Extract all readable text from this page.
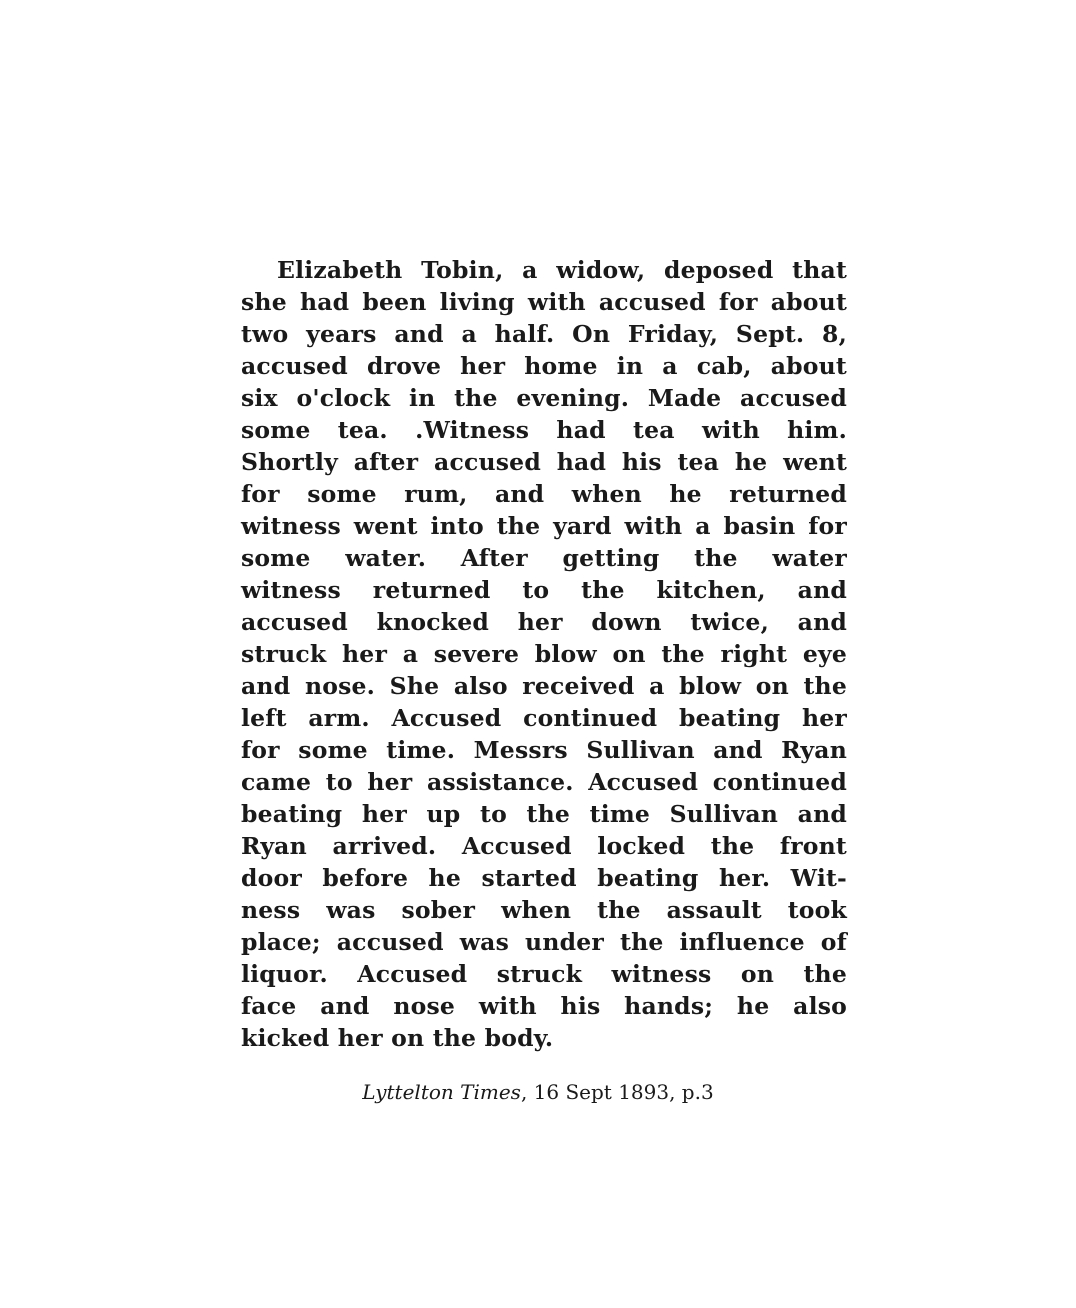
Elizabeth Tobin, a widow, deposed that

she had been living with accused for about

two years and a half. On Friday, Sept. 8,

accused drove her home in a cab, about

six o'clock in the evening. Made accused

some tea. .Witness had tea with him.

Shortly after accused had his tea he went

for some rum, and when he returned

witness went into the yard with a basin for

some water. After getting the water

witness returned to the kitchen, and

accused knocked her down twice, and

struck her a severe blow on the right eye

and nose. She also received a blow on the

left arm. Accused continued beating her

for some time. Messrs Sullivan and Ryan

came to her assistance. Accused continued

beating her up to the time Sullivan and

Ryan arrived. Accused locked the front

door before he started beating her. Wit-

ness was sober when the assault took

place; accused was under the influence of

liquor. Accused struck witness on the

face and nose with his hands; he also

kicked her on the body.

Lyttelton Times, 16 Sept 1893, p.3
